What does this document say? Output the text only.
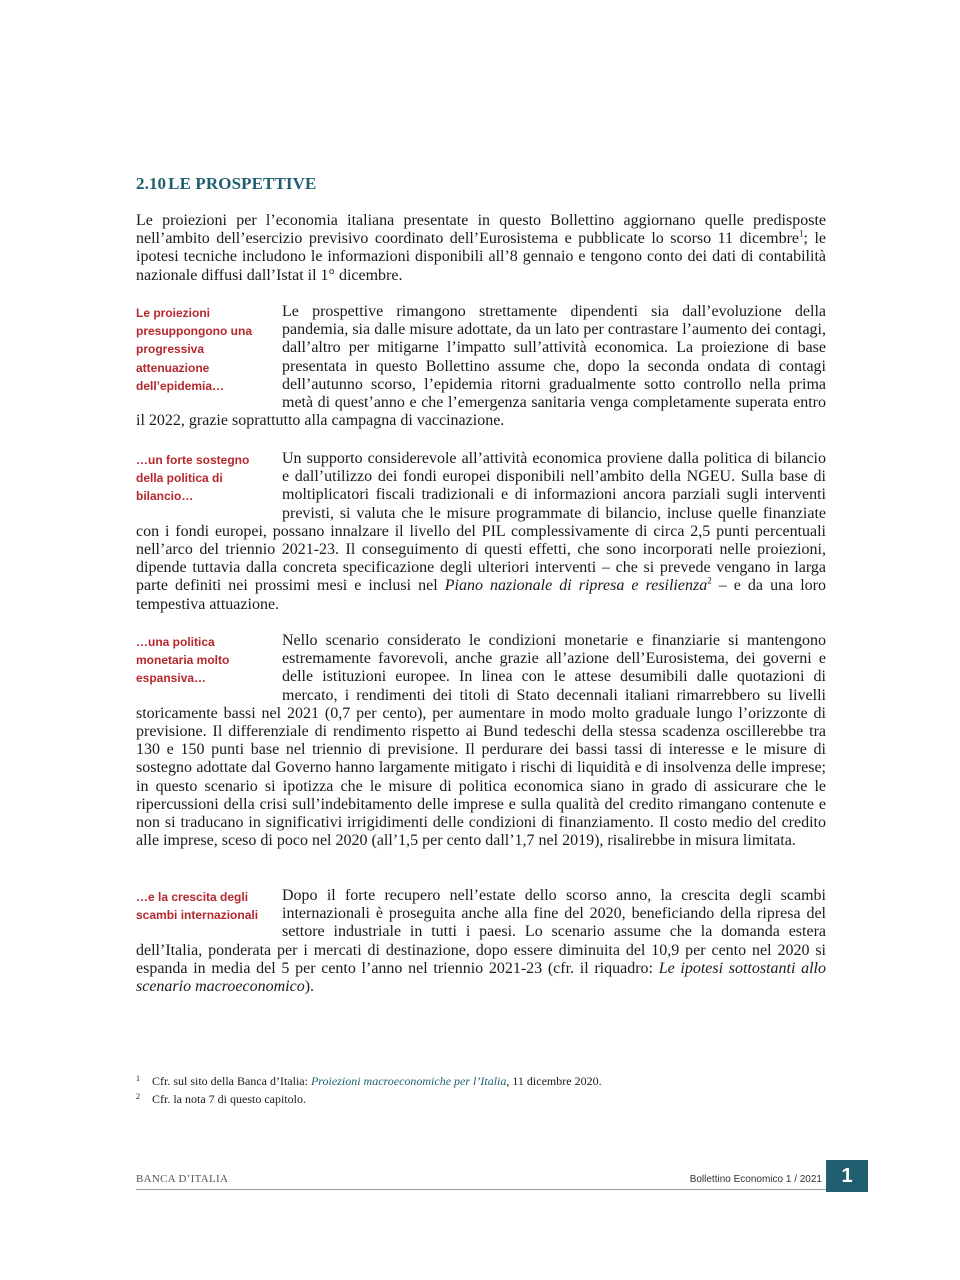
2.10 LE PROSPETTIVE

Le proiezioni per l’economia italiana presentate in questo Bollettino aggiornano quelle predisposte nell’ambito dell’esercizio previsivo coordinato dell’Eurosistema e pubblicate lo scorso 11 dicembre$^1$; le ipotesi tecniche includono le informazioni disponibili all’8 gennaio e tengono conto dei dati di contabilità nazionale diffusi dall’Istat il 1° dicembre.

Le proiezioni presuppongono una progressiva attenuazione dell’epidemia…

Le prospettive rimangono strettamente dipendenti sia dall’evoluzione della pandemia, sia dalle misure adottate, da un lato per contrastare l’aumento dei contagi, dall’altro per mitigarne l’impatto sull’attività economica. La proiezione di base presentata in questo Bollettino assume che, dopo la seconda ondata di contagi dell’autunno scorso, l’epidemia ritorni gradualmente sotto controllo nella prima metà di quest’anno e che l’emergenza sanitaria venga completamente superata entro il 2022, grazie soprattutto alla campagna di vaccinazione.

…un forte sostegno della politica di bilancio…

Un supporto considerevole all’attività economica proviene dalla politica di bilancio e dall’utilizzo dei fondi europei disponibili nell’ambito della NGEU. Sulla base di moltiplicatori fiscali tradizionali e di informazioni ancora parziali sugli interventi previsti, si valuta che le misure programmate di bilancio, incluse quelle finanziate con i fondi europei, possano innalzare il livello del PIL complessivamente di circa 2,5 punti percentuali nell’arco del triennio 2021-23. Il conseguimento di questi effetti, che sono incorporati nelle proiezioni, dipende tuttavia dalla concreta specificazione degli ulteriori interventi – che si prevede vengano in larga parte definiti nei prossimi mesi e inclusi nel Piano nazionale di ripresa e resilienza$^2$ – e da una loro tempestiva attuazione.

…una politica monetaria molto espansiva…

Nello scenario considerato le condizioni monetarie e finanziarie si mantengono estremamente favorevoli, anche grazie all’azione dell’Eurosistema, dei governi e delle istituzioni europee. In linea con le attese desumibili dalle quotazioni di mercato, i rendimenti dei titoli di Stato decennali italiani rimarrebbero su livelli storicamente bassi nel 2021 (0,7 per cento), per aumentare in modo molto graduale lungo l’orizzonte di previsione. Il differenziale di rendimento rispetto ai Bund tedeschi della stessa scadenza oscillerebbe tra 130 e 150 punti base nel triennio di previsione. Il perdurare dei bassi tassi di interesse e le misure di sostegno adottate dal Governo hanno largamente mitigato i rischi di liquidità e di insolvenza delle imprese; in questo scenario si ipotizza che le misure di politica economica siano in grado di assicurare che le ripercussioni della crisi sull’indebitamento delle imprese e sulla qualità del credito rimangano contenute e non si traducano in significativi irrigidimenti delle condizioni di finanziamento. Il costo medio del credito alle imprese, sceso di poco nel 2020 (all’1,5 per cento dall’1,7 nel 2019), risalirebbe in misura limitata.

…e la crescita degli scambi internazionali

Dopo il forte recupero nell’estate dello scorso anno, la crescita degli scambi internazionali è proseguita anche alla fine del 2020, beneficiando della ripresa del settore industriale in tutti i paesi. Lo scenario assume che la domanda estera dell’Italia, ponderata per i mercati di destinazione, dopo essere diminuita del 10,9 per cento nel 2020 si espanda in media del 5 per cento l’anno nel triennio 2021-23 (cfr. il riquadro: Le ipotesi sottostanti allo scenario macroeconomico).

1	Cfr. sul sito della Banca d’Italia: Proiezioni macroeconomiche per l’Italia, 11 dicembre 2020.
2	Cfr. la nota 7 di questo capitolo.
BANCA D’ITALIA	Bollettino Economico 1 / 2021 1
